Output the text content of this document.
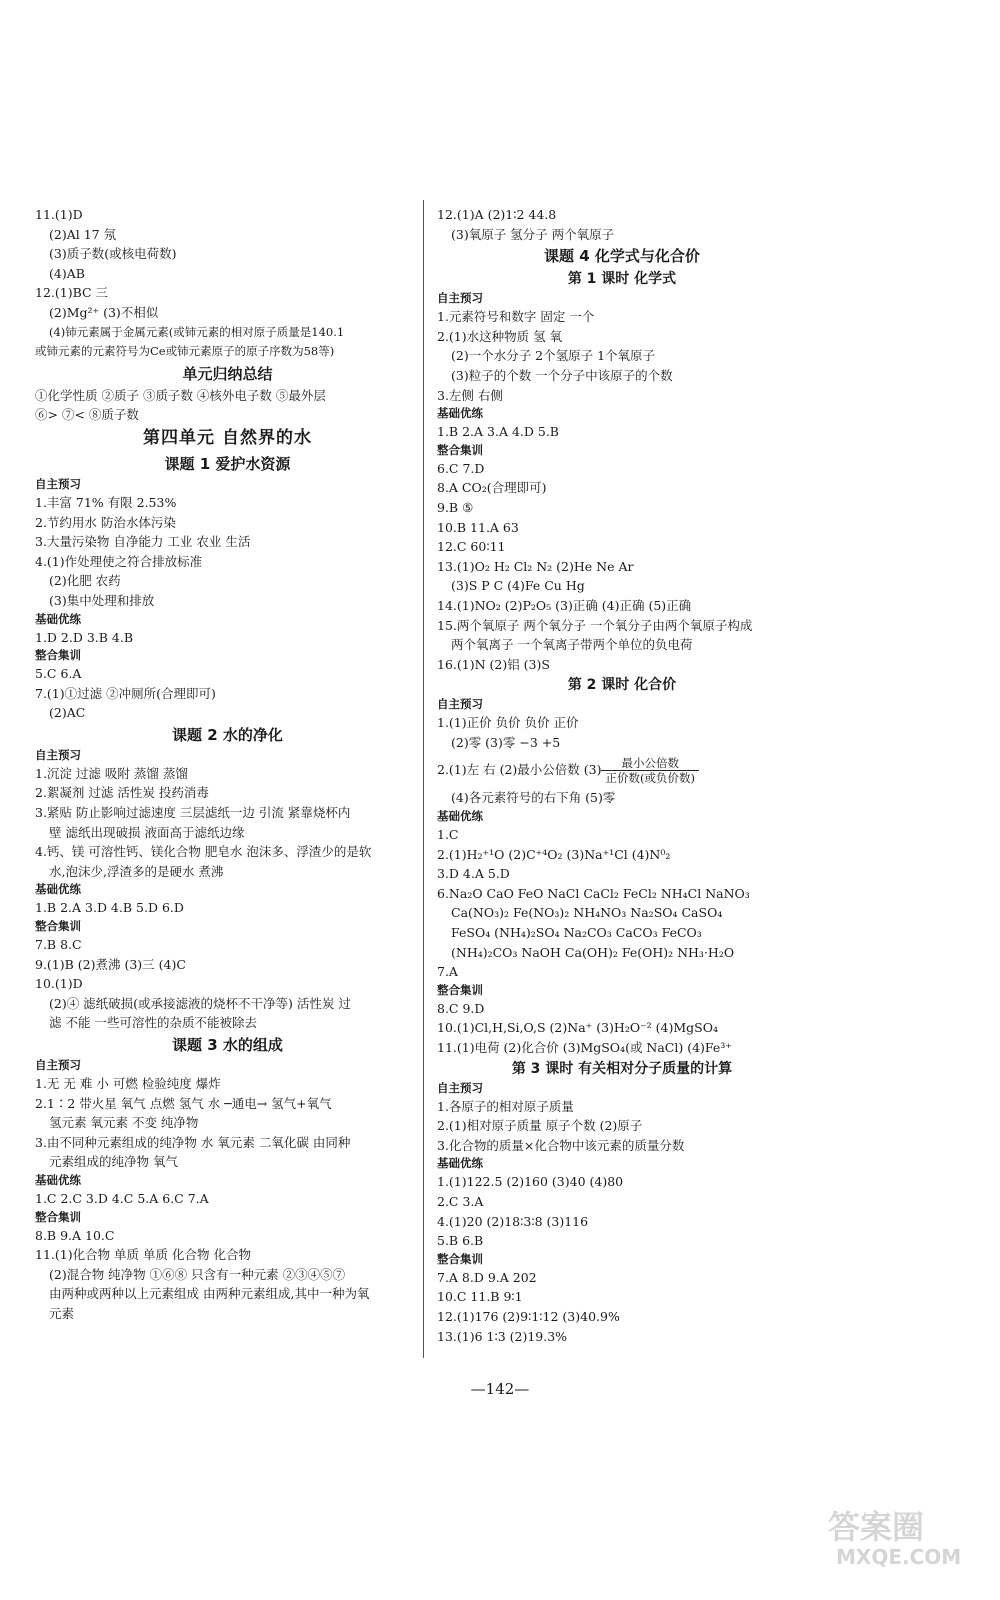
11.(1)D
(2)Al 17 氖
(3)质子数(或核电荷数)
(4)AB
12.(1)BC 三
(2)Mg²⁺ (3)不相似
(4)铈元素属于金属元素(或铈元素的相对原子质量是140.1
或铈元素的元素符号为Ce或铈元素原子的原子序数为58等)
单元归纳总结
①化学性质 ②质子 ③质子数 ④核外电子数 ⑤最外层
⑥> ⑦< ⑧质子数
第四单元 自然界的水
课题 1 爱护水资源
自主预习
1.丰富 71% 有限 2.53%
2.节约用水 防治水体污染
3.大量污染物 自净能力 工业 农业 生活
4.(1)作处理使之符合排放标准
(2)化肥 农药
(3)集中处理和排放
基础优练
1.D 2.D 3.B 4.B
整合集训
5.C 6.A
7.(1)①过滤 ②冲厕所(合理即可)
(2)AC
课题 2 水的净化
自主预习
1.沉淀 过滤 吸附 蒸馏 蒸馏
2.絮凝剂 过滤 活性炭 投药消毒
3.紧贴 防止影响过滤速度 三层滤纸一边 引流 紧靠烧杯内
壁 滤纸出现破损 液面高于滤纸边缘
4.钙、镁 可溶性钙、镁化合物 肥皂水 泡沫多、浮渣少的是软
水,泡沫少,浮渣多的是硬水 煮沸
基础优练
1.B 2.A 3.D 4.B 5.D 6.D
整合集训
7.B 8.C
9.(1)B (2)煮沸 (3)三 (4)C
10.(1)D
(2)④ 滤纸破损(或承接滤液的烧杯不干净等) 活性炭 过
滤 不能 一些可溶性的杂质不能被除去
课题 3 水的组成
自主预习
1.无 无 难 小 可燃 检验纯度 爆炸
2.1∶2 带火星 氧气 点燃 氢气 水 ─通电→ 氢气+氧气
氢元素 氧元素 不变 纯净物
3.由不同种元素组成的纯净物 水 氧元素 二氧化碳 由同种
元素组成的纯净物 氧气
基础优练
1.C 2.C 3.D 4.C 5.A 6.C 7.A
整合集训
8.B 9.A 10.C
11.(1)化合物 单质 单质 化合物 化合物
(2)混合物 纯净物 ①⑥⑧ 只含有一种元素 ②③④⑤⑦
由两种或两种以上元素组成 由两种元素组成,其中一种为氧
元素
12.(1)A (2)1∶2 44.8
(3)氧原子 氢分子 两个氧原子
课题 4 化学式与化合价
第 1 课时 化学式
自主预习
1.元素符号和数字 固定 一个
2.(1)水这种物质 氢 氧
(2)一个水分子 2个氢原子 1个氧原子
(3)粒子的个数 一个分子中该原子的个数
3.左侧 右侧
基础优练
1.B 2.A 3.A 4.D 5.B
整合集训
6.C 7.D
8.A CO₂(合理即可)
9.B ⑤
10.B 11.A 63
12.C 60∶11
13.(1)O₂ H₂ Cl₂ N₂ (2)He Ne Ar
(3)S P C (4)Fe Cu Hg
14.(1)NO₂ (2)P₂O₅ (3)正确 (4)正确 (5)正确
15.两个氧原子 两个氧分子 一个氧分子由两个氧原子构成
两个氧离子 一个氧离子带两个单位的负电荷
16.(1)N (2)铝 (3)S
第 2 课时 化合价
自主预习
1.(1)正价 负价 负价 正价
(2)零 (3)零 −3 +5
2.(1)左 右 (2)最小公倍数 $(3) \frac{\text{最小公倍数}}{\text{正价数(或负价数)}}$
(4)各元素符号的右下角 (5)零
基础优练
1.C
2.(1)H₂⁺¹O (2)C⁺⁴O₂ (3)Na⁺¹Cl (4)N⁰₂
3.D 4.A 5.D
6.Na₂O CaO FeO NaCl CaCl₂ FeCl₂ NH₄Cl NaNO₃
Ca(NO₃)₂ Fe(NO₃)₂ NH₄NO₃ Na₂SO₄ CaSO₄
FeSO₄ (NH₄)₂SO₄ Na₂CO₃ CaCO₃ FeCO₃
(NH₄)₂CO₃ NaOH Ca(OH)₂ Fe(OH)₂ NH₃·H₂O
7.A
整合集训
8.C 9.D
10.(1)Cl,H,Si,O,S (2)Na⁺ (3)H₂O⁻² (4)MgSO₄
11.(1)电荷 (2)化合价 (3)MgSO₄(或 NaCl) (4)Fe³⁺
第 3 课时 有关相对分子质量的计算
自主预习
1.各原子的相对原子质量
2.(1)相对原子质量 原子个数 (2)原子
3.化合物的质量×化合物中该元素的质量分数
基础优练
1.(1)122.5 (2)160 (3)40 (4)80
2.C 3.A
4.(1)20 (2)18∶3∶8 (3)116
5.B 6.B
整合集训
7.A 8.D 9.A 202
10.C 11.B 9∶1
12.(1)176 (2)9∶1∶12 (3)40.9%
13.(1)6 1∶3 (2)19.3%
—142—
答案圈
MXQE.COM
